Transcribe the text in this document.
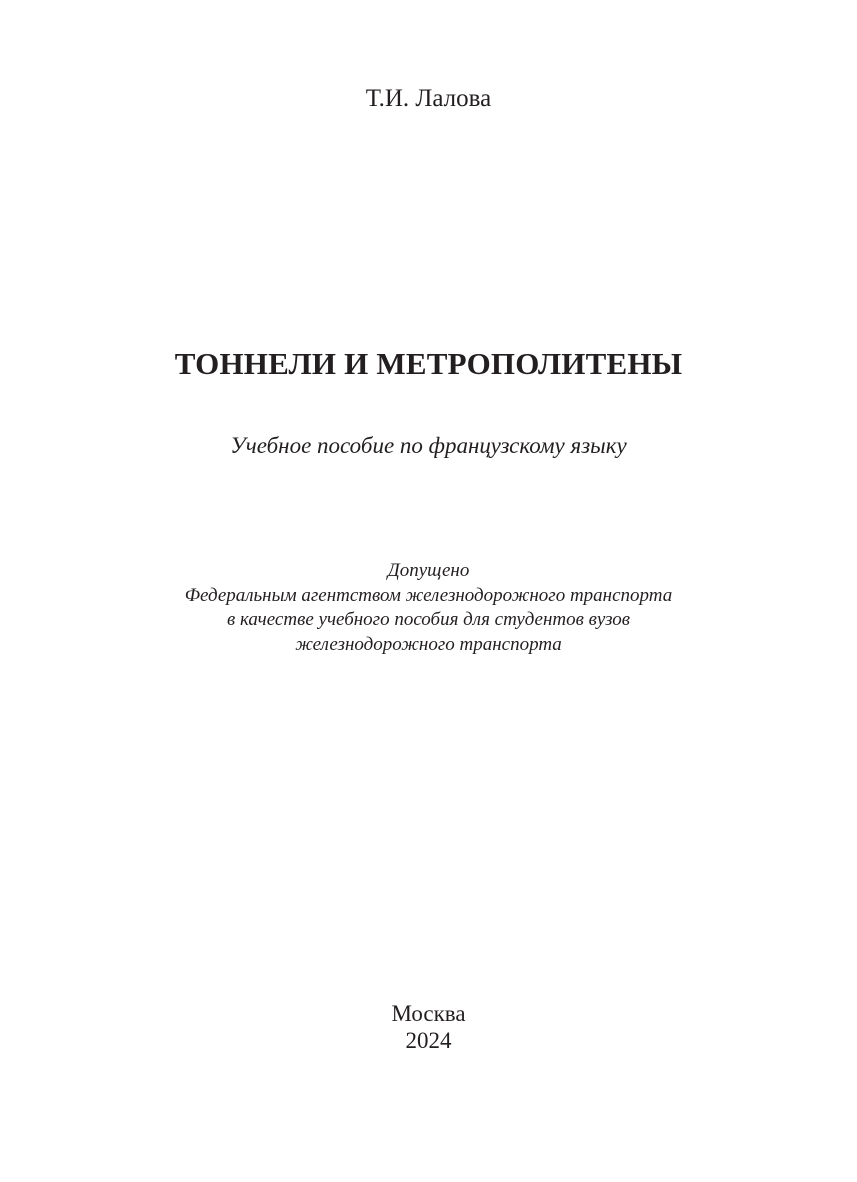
Т.И. Лалова
ТОННЕЛИ И МЕТРОПОЛИТЕНЫ
Учебное пособие по французскому языку
Допущено
Федеральным агентством железнодорожного транспорта
в качестве учебного пособия для студентов вузов
железнодорожного транспорта
Москва
2024
